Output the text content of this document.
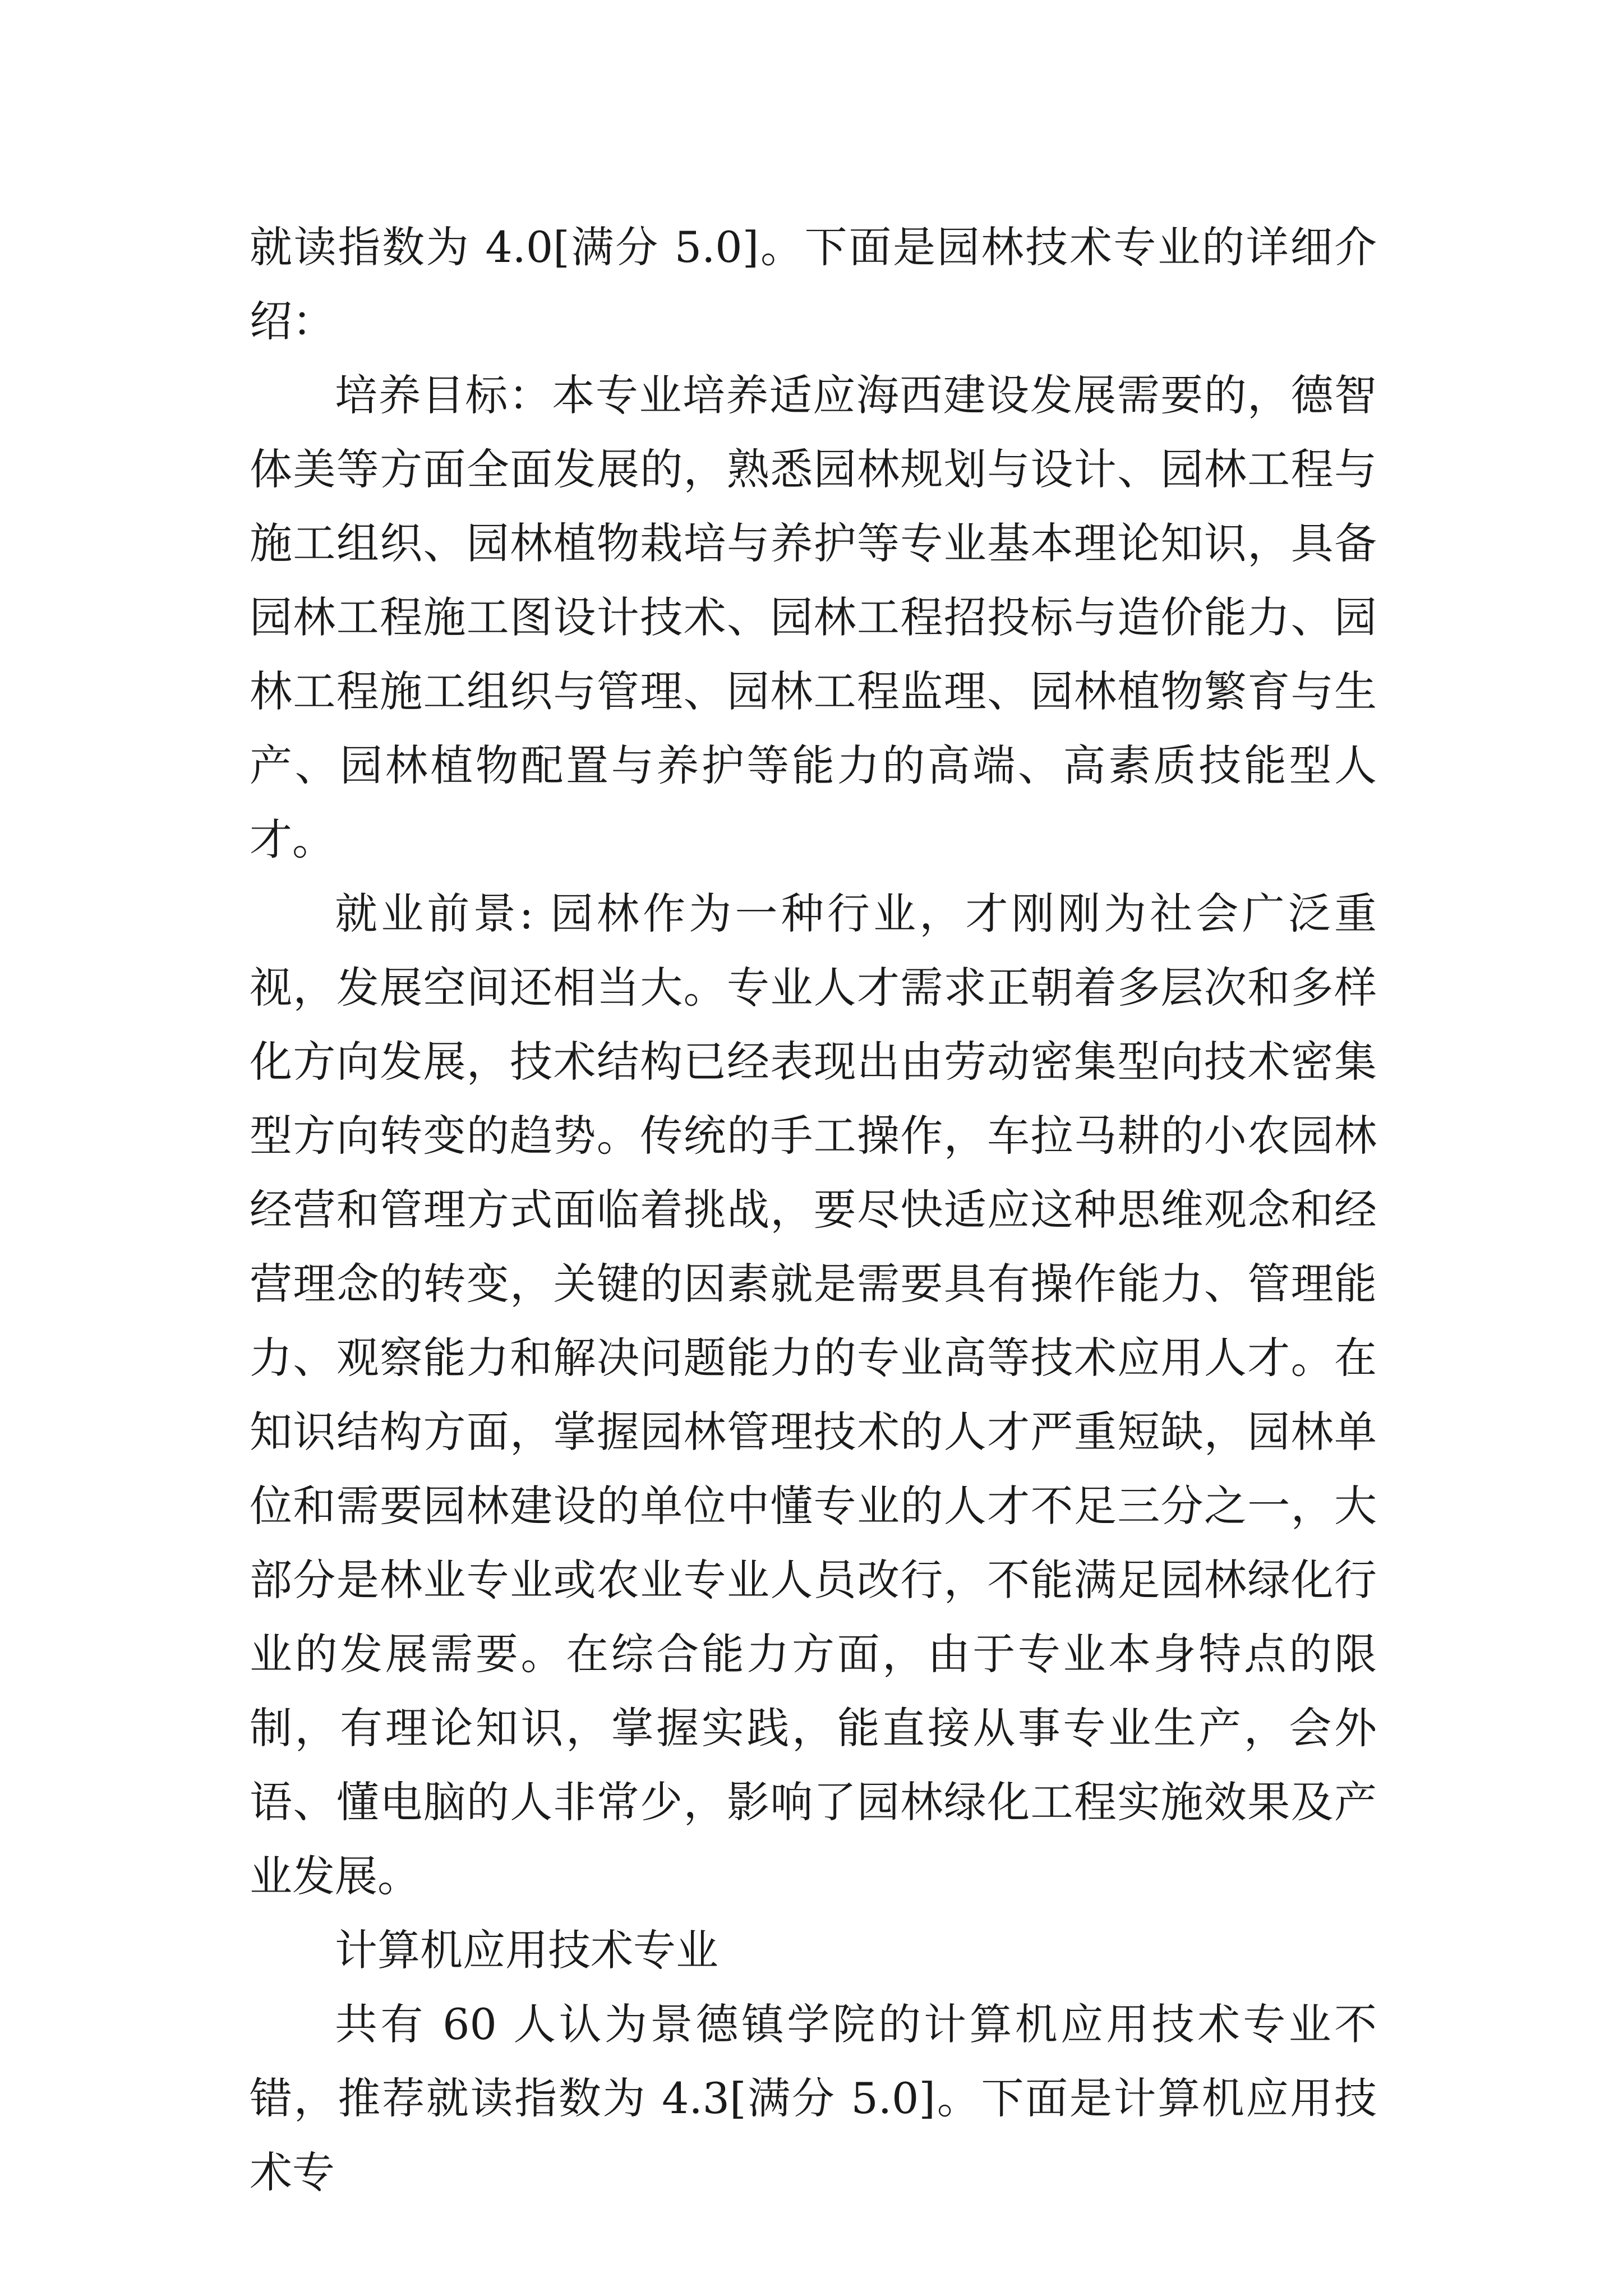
就读指数为 4.0[满分 5.0]。下面是园林技术专业的详细介绍：

培养目标：本专业培养适应海西建设发展需要的，德智体美等方面全面发展的，熟悉园林规划与设计、园林工程与施工组织、园林植物栽培与养护等专业基本理论知识，具备园林工程施工图设计技术、园林工程招投标与造价能力、园林工程施工组织与管理、园林工程监理、园林植物繁育与生产、园林植物配置与养护等能力的高端、高素质技能型人才。

就业前景: 园林作为一种行业，才刚刚为社会广泛重视，发展空间还相当大。专业人才需求正朝着多层次和多样化方向发展，技术结构已经表现出由劳动密集型向技术密集型方向转变的趋势。传统的手工操作，车拉马耕的小农园林经营和管理方式面临着挑战，要尽快适应这种思维观念和经营理念的转变，关键的因素就是需要具有操作能力、管理能力、观察能力和解决问题能力的专业高等技术应用人才。在知识结构方面，掌握园林管理技术的人才严重短缺，园林单位和需要园林建设的单位中懂专业的人才不足三分之一，大部分是林业专业或农业专业人员改行，不能满足园林绿化行业的发展需要。在综合能力方面，由于专业本身特点的限制，有理论知识，掌握实践，能直接从事专业生产，会外语、懂电脑的人非常少，影响了园林绿化工程实施效果及产业发展。

计算机应用技术专业

共有 60 人认为景德镇学院的计算机应用技术专业不错，推荐就读指数为 4.3[满分 5.0]。下面是计算机应用技术专
